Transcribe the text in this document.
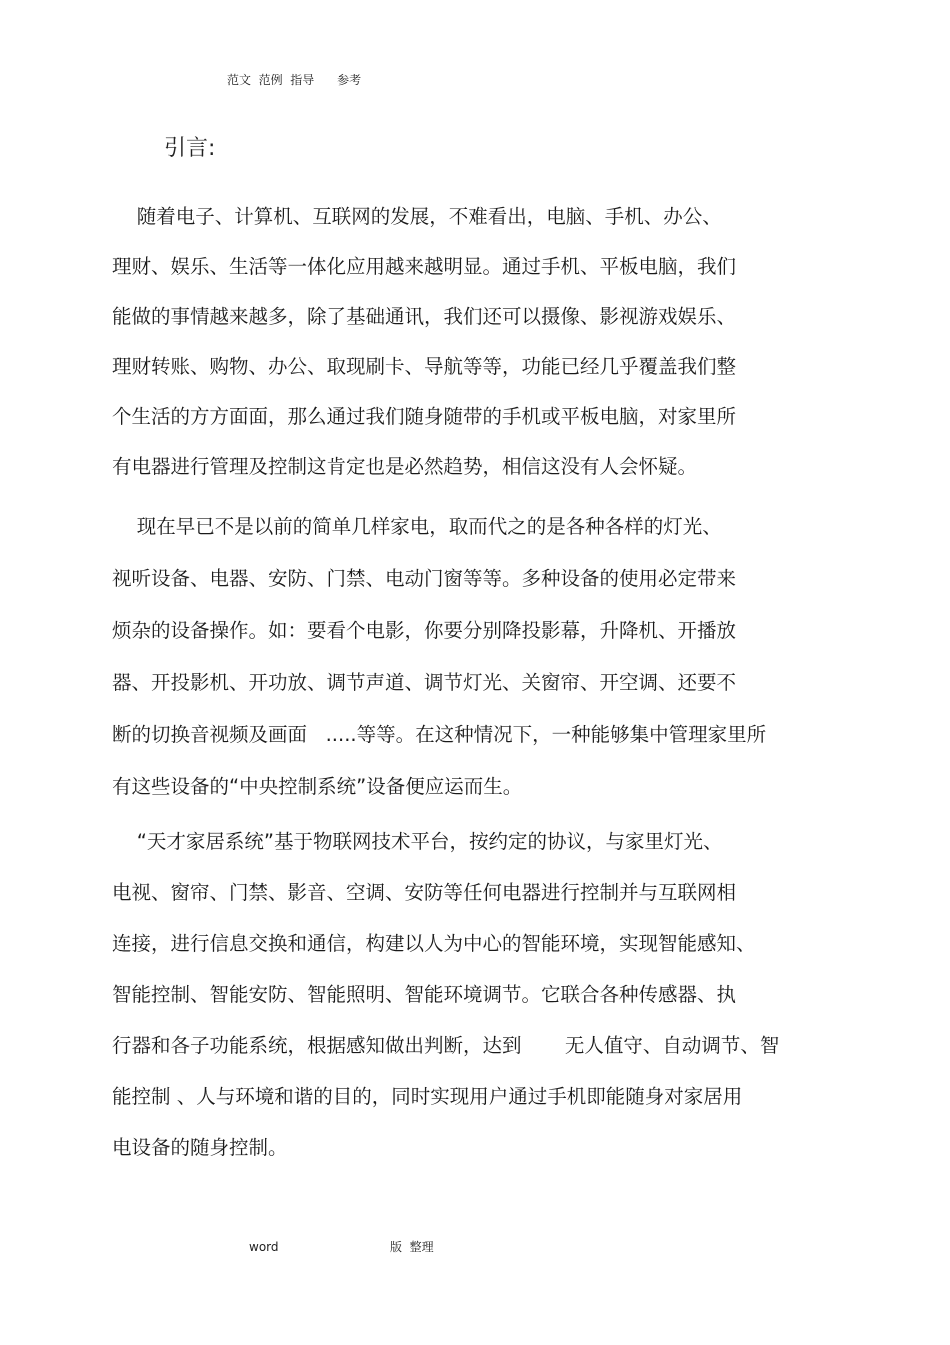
范文  范例  指导      参考
引言:
随着电子、计算机、互联网的发展，不难看出，电脑、手机、办公、
理财、娱乐、生活等一体化应用越来越明显。通过手机、平板电脑，我们
能做的事情越来越多，除了基础通讯，我们还可以摄像、影视游戏娱乐、
理财转账、购物、办公、取现刷卡、导航等等，功能已经几乎覆盖我们整
个生活的方方面面，那么通过我们随身随带的手机或平板电脑，对家里所
有电器进行管理及控制这肯定也是必然趋势，相信这没有人会怀疑。
现在早已不是以前的简单几样家电，取而代之的是各种各样的灯光、
视听设备、电器、安防、门禁、电动门窗等等。多种设备的使用必定带来
烦杂的设备操作。如：要看个电影，你要分别降投影幕，升降机、开播放
器、开投影机、开功放、调节声道、调节灯光、关窗帘、开空调、还要不
断的切换音视频及画面   .....等等。在这种情况下，一种能够集中管理家里所
有这些设备的“中央控制系统”设备便应运而生。
“天才家居系统”基于物联网技术平台，按约定的协议，与家里灯光、
电视、窗帘、门禁、影音、空调、安防等任何电器进行控制并与互联网相
连接，进行信息交换和通信，构建以人为中心的智能环境，实现智能感知、
智能控制、智能安防、智能照明、智能环境调节。它联合各种传感器、执
行器和各子功能系统，根据感知做出判断，达到       无人值守、自动调节、智
能控制 、人与环境和谐的目的，同时实现用户通过手机即能随身对家居用
电设备的随身控制。
word	版  整理
